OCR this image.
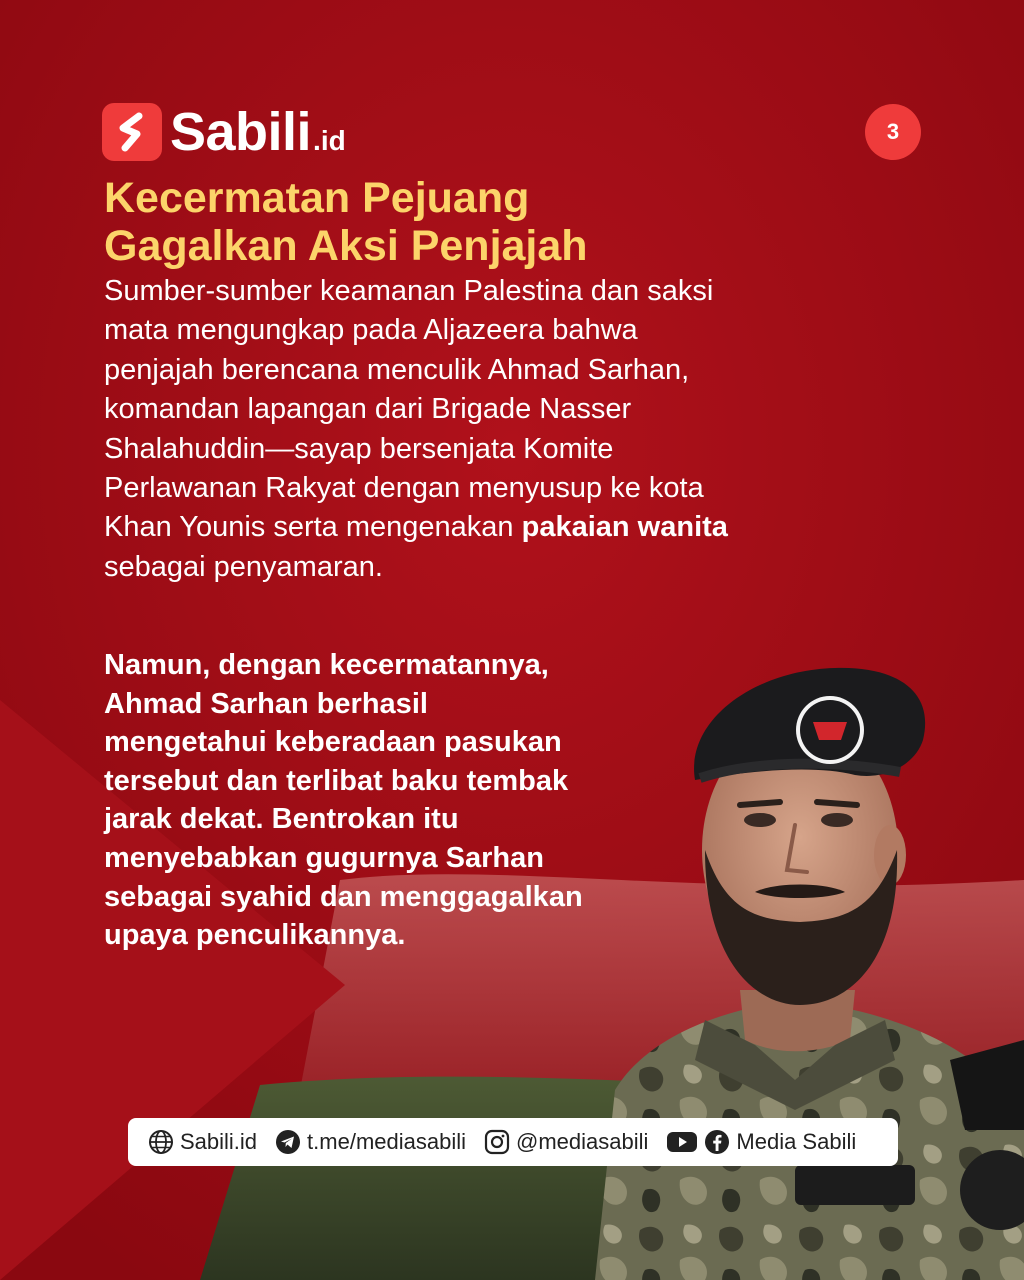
Sabili .id	3
Kecermatan Pejuang
Gagalkan Aksi Penjajah

Sumber-sumber keamanan Palestina dan saksi
mata mengungkap pada Aljazeera bahwa
penjajah berencana menculik Ahmad Sarhan,
komandan lapangan dari Brigade Nasser
Shalahuddin—sayap bersenjata Komite
Perlawanan Rakyat dengan menyusup ke kota
Khan Younis serta mengenakan pakaian wanita
sebagai penyamaran.

Namun, dengan kecermatannya,
Ahmad Sarhan berhasil
mengetahui keberadaan pasukan
tersebut dan terlibat baku tembak
jarak dekat. Bentrokan itu
menyebabkan gugurnya Sarhan
sebagai syahid dan menggagalkan
upaya penculikannya.

Sabili.id t.me/mediasabili @mediasabili	Media Sabili
